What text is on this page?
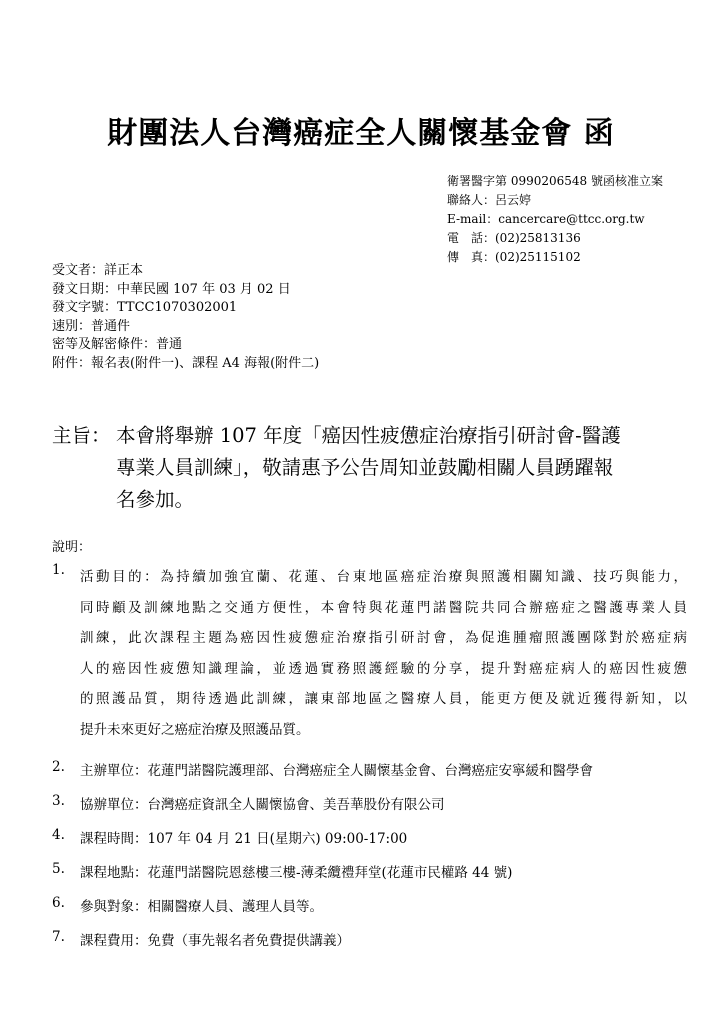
財團法人台灣癌症全人關懷基金會 函
衛署醫字第 0990206548 號函核准立案
聯絡人：呂云婷
E-mail：cancercare@ttcc.org.tw
電　話：(02)25813136
傳　真：(02)25115102
受文者：詳正本
發文日期：中華民國 107 年 03 月 02 日
發文字號：TTCC1070302001
速別：普通件
密等及解密條件：普通
附件：報名表(附件一)、課程 A4 海報(附件二)
主旨： 本會將舉辦 107 年度「癌因性疲憊症治療指引研討會-醫護
專業人員訓練」，敬請惠予公告周知並鼓勵相關人員踴躍報
名參加。
說明：
1. 活動目的：為持續加強宜蘭、花蓮、台東地區癌症治療與照護相關知識、技巧與能力，
同時顧及訓練地點之交通方便性，本會特與花蓮門諾醫院共同合辦癌症之醫護專業人員
訓練，此次課程主題為癌因性疲憊症治療指引研討會，為促進腫瘤照護團隊對於癌症病
人的癌因性疲憊知識理論，並透過實務照護經驗的分享，提升對癌症病人的癌因性疲憊
的照護品質，期待透過此訓練，讓東部地區之醫療人員，能更方便及就近獲得新知，以
提升未來更好之癌症治療及照護品質。
2. 主辦單位：花蓮門諾醫院護理部、台灣癌症全人關懷基金會、台灣癌症安寧緩和醫學會
3. 協辦單位：台灣癌症資訊全人關懷協會、美吾華股份有限公司
4. 課程時間：107 年 04 月 21 日(星期六) 09:00-17:00
5. 課程地點：花蓮門諾醫院恩慈樓三樓-薄柔纜禮拜堂(花蓮市民權路 44 號)
6. 參與對象：相關醫療人員、護理人員等。
7. 課程費用：免費（事先報名者免費提供講義）
